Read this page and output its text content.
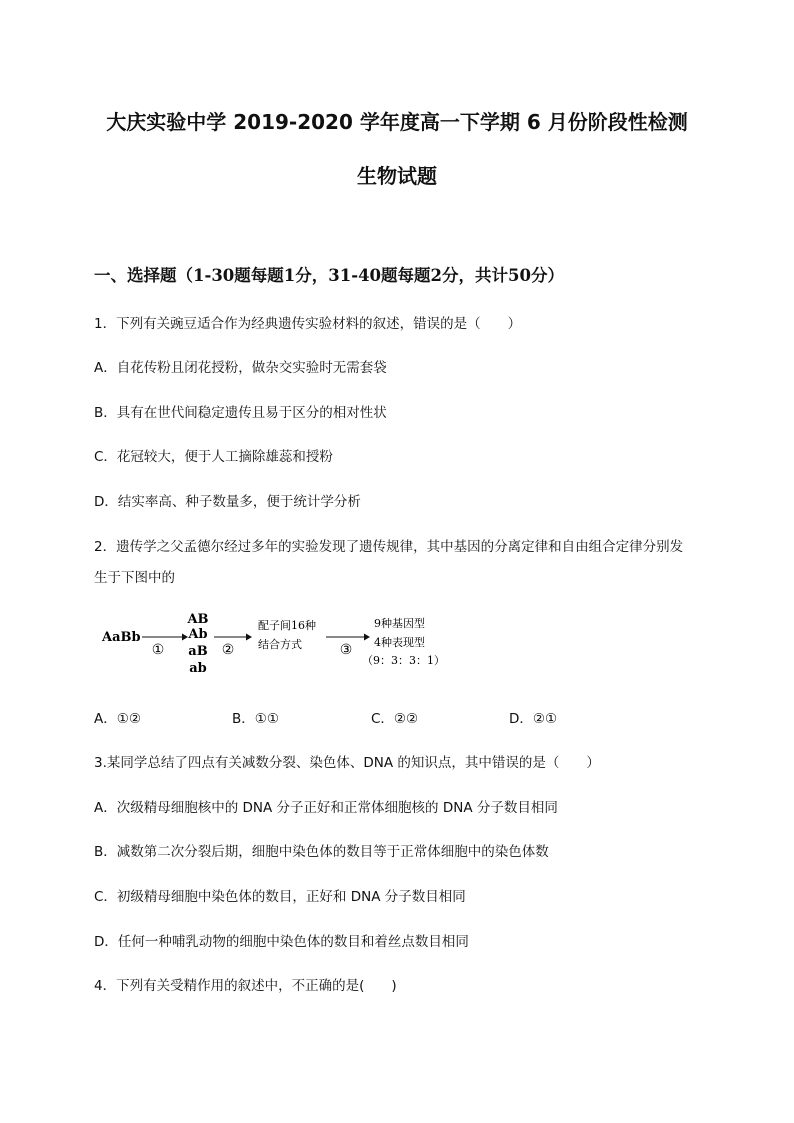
大庆实验中学 2019-2020 学年度高一下学期 6 月份阶段性检测
生物试题
一、选择题（1-30题每题1分，31-40题每题2分，共计50分）
1．下列有关豌豆适合作为经典遗传实验材料的叙述，错误的是（　　）
A．自花传粉且闭花授粉，做杂交实验时无需套袋
B．具有在世代间稳定遗传且易于区分的相对性状
C．花冠较大，便于人工摘除雄蕊和授粉
D．结实率高、种子数量多，便于统计学分析
2．遗传学之父孟德尔经过多年的实验发现了遗传规律，其中基因的分离定律和自由组合定律分别发
生于下图中的
AaBb
①
AB
Ab
aB
ab
②
配子间16种
结合方式	③
9种基因型
4种表现型
（9：3：3：1）
A．①②	B．①①	C．②②	D．②①
3.某同学总结了四点有关减数分裂、染色体、DNA 的知识点，其中错误的是（　　）
A．次级精母细胞核中的 DNA 分子正好和正常体细胞核的 DNA 分子数目相同
B．减数第二次分裂后期，细胞中染色体的数目等于正常体细胞中的染色体数
C．初级精母细胞中染色体的数目，正好和 DNA 分子数目相同
D．任何一种哺乳动物的细胞中染色体的数目和着丝点数目相同
4．下列有关受精作用的叙述中，不正确的是(　　)
